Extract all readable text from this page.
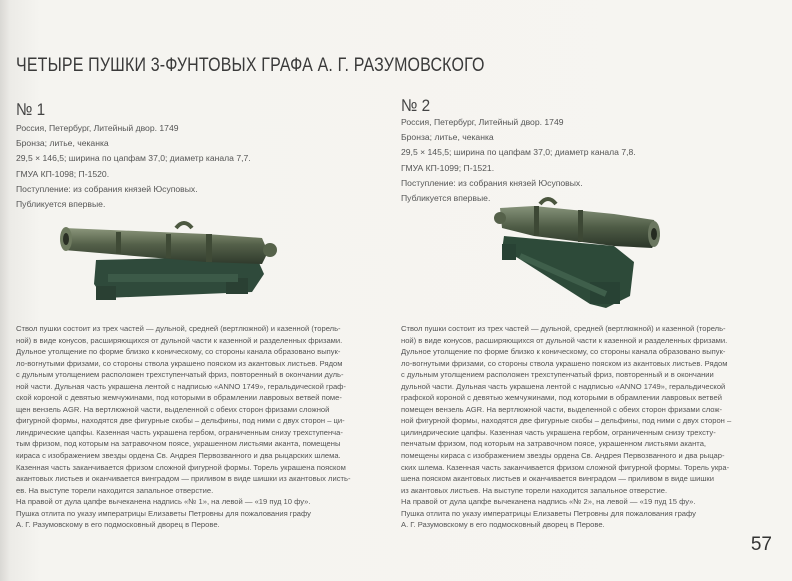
ЧЕТЫРЕ ПУШКИ 3-ФУНТОВЫХ ГРАФА А. Г. РАЗУМОВСКОГО
№ 1
Россия, Петербург, Литейный двор. 1749
Бронза; литье, чеканка
29,5 × 146,5; ширина по цапфам 37,0; диаметр канала 7,7.
ГМУА КП-1098; П-1520.
Поступление: из собрания князей Юсуповых.
Публикуется впервые.

Ствол пушки состоит из трех частей — дульной, средней (вертлюжной) и казенной (торель-

ной) в виде конусов, расширяющихся от дульной части к казенной и разделенных фризами.

Дульное утолщение по форме близко к коническому, со стороны канала образовано выпук-

ло-вогнутыми фризами, со стороны ствола украшено пояском из акантовых листьев. Рядом

с дульным утолщением расположен трехступенчатый фриз, повторенный в окончании дуль-

ной части. Дульная часть украшена лентой с надписью «ANNO 1749», геральдической граф-

ской короной с девятью жемчужинами, под которыми в обрамлении лавровых ветвей поме-

щен вензель AGR. На вертлюжной части, выделенной с обеих сторон фризами сложной

фигурной формы, находятся две фигурные скобы – дельфины, под ними с двух сторон – ци-

линдрические цапфы. Казенная часть украшена гербом, ограниченным снизу трехступенча-

тым фризом, под которым на затравочном поясе, украшенном листьями аканта, помещены

кираса с изображением звезды ордена Св. Андрея Первозванного и два рыцарских шлема.

Казенная часть заканчивается фризом сложной фигурной формы. Торель украшена пояском

акантовых листьев и оканчивается винградом — приливом в виде шишки из акантовых листь-

ев. На выступе торели находится запальное отверстие.

На правой от дула цапфе вычеканена надпись «№ 1», на левой — «19 пуд 10 фу».

Пушка отлита по указу императрицы Елизаветы Петровны для пожалования графу

А. Г. Разумовскому в его подмосковный дворец в Перове.

№ 2
Россия, Петербург, Литейный двор. 1749
Бронза; литье, чеканка
29,5 × 145,5; ширина по цапфам 37,0; диаметр канала 7,8.
ГМУА КП-1099; П-1521.
Поступление: из собрания князей Юсуповых.
Публикуется впервые.

Ствол пушки состоит из трех частей — дульной, средней (вертлюжной) и казенной (торель-

ной) в виде конусов, расширяющихся от дульной части к казенной и разделенных фризами.

Дульное утолщение по форме близко к коническому, со стороны канала образовано выпук-

ло-вогнутыми фризами, со стороны ствола украшено пояском из акантовых листьев. Рядом

с дульным утолщением расположен трехступенчатый фриз, повторенный и в окончании

дульной части. Дульная часть украшена лентой с надписью «ANNO 1749», геральдической

графской короной с девятью жемчужинами, под которыми в обрамлении лавровых ветвей

помещен вензель AGR. На вертлюжной части, выделенной с обеих сторон фризами слож-

ной фигурной формы, находятся две фигурные скобы – дельфины, под ними с двух сторон –

цилиндрические цапфы. Казенная часть украшена гербом, ограниченным снизу трехсту-

пенчатым фризом, под которым на затравочном поясе, украшенном листьями аканта,

помещены кираса с изображением звезды ордена Св. Андрея Первозванного и два рыцар-

ских шлема. Казенная часть заканчивается фризом сложной фигурной формы. Торель укра-

шена пояском акантовых листьев и оканчивается винградом — приливом в виде шишки

из акантовых листьев. На выступе торели находится запальное отверстие.

На правой от дула цапфе вычеканена надпись «№ 2», на левой — «19 пуд 15 фу».

Пушка отлита по указу императрицы Елизаветы Петровны для пожалования графу

А. Г. Разумовскому в его подмосковный дворец в Перове.

57
